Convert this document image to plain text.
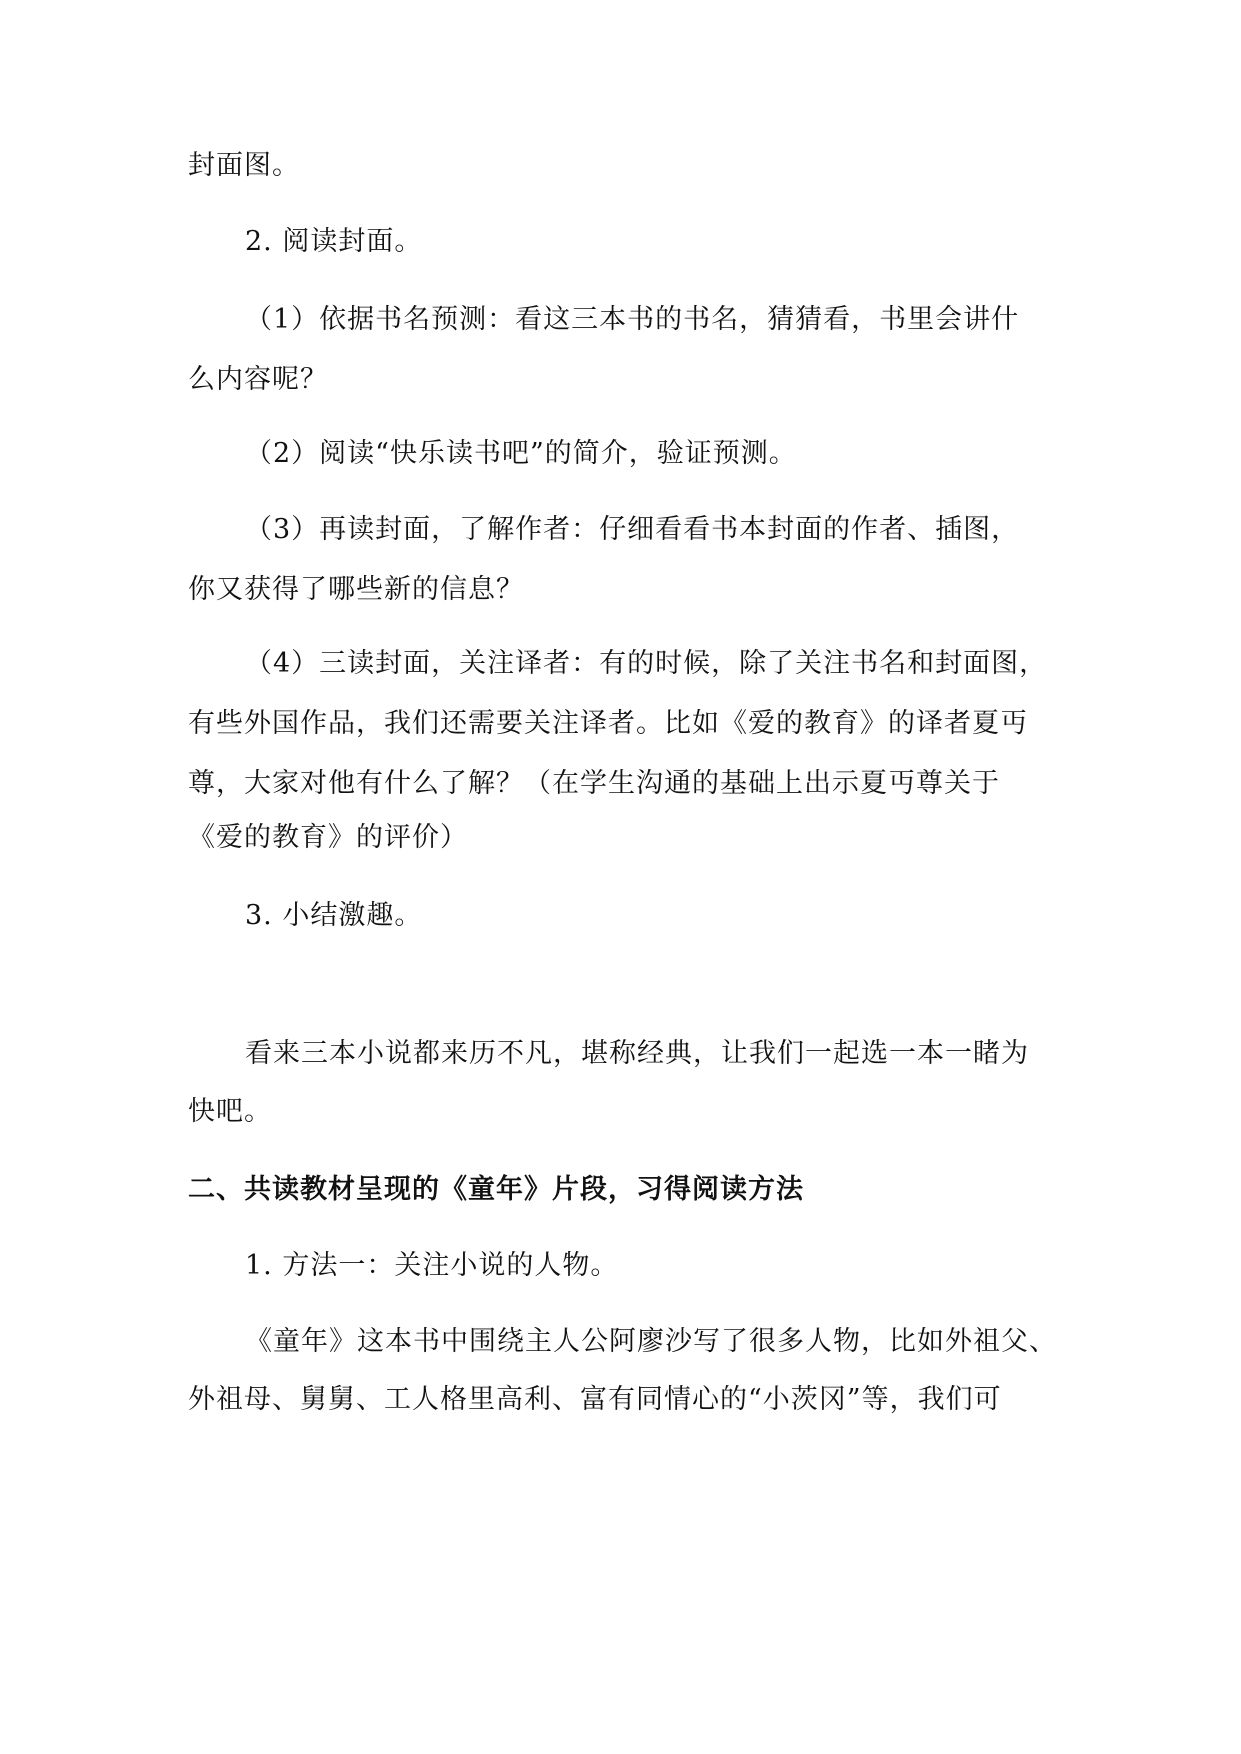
封面图。
2. 阅读封面。
（1）依据书名预测：看这三本书的书名，猜猜看，书里会讲什
么内容呢？
（2）阅读“快乐读书吧”的简介，验证预测。
（3）再读封面，了解作者：仔细看看书本封面的作者、插图，
你又获得了哪些新的信息？
（4）三读封面，关注译者：有的时候，除了关注书名和封面图，
有些外国作品，我们还需要关注译者。比如《爱的教育》的译者夏丏
尊，大家对他有什么了解？（在学生沟通的基础上出示夏丏尊关于
《爱的教育》的评价）
3. 小结激趣。
看来三本小说都来历不凡，堪称经典，让我们一起选一本一睹为
快吧。
二、共读教材呈现的《童年》片段，习得阅读方法
1. 方法一：关注小说的人物。
《童年》这本书中围绕主人公阿廖沙写了很多人物，比如外祖父、
外祖母、舅舅、工人格里高利、富有同情心的“小茨冈”等，我们可
